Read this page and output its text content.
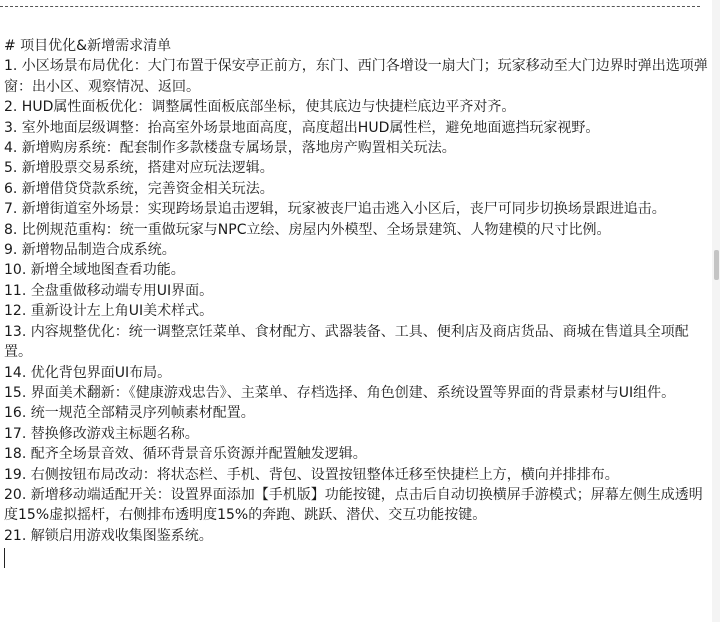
# 项目优化&新增需求清单

1. 小区场景布局优化：大门布置于保安亭正前方，东门、西门各增设一扇大门；玩家移动至大门边界时弹出选项弹窗：出小区、观察情况、返回。

2. HUD属性面板优化：调整属性面板底部坐标，使其底边与快捷栏底边平齐对齐。

3. 室外地面层级调整：抬高室外场景地面高度，高度超出HUD属性栏，避免地面遮挡玩家视野。

4. 新增购房系统：配套制作多款楼盘专属场景，落地房产购置相关玩法。

5. 新增股票交易系统，搭建对应玩法逻辑。

6. 新增借贷贷款系统，完善资金相关玩法。

7. 新增街道室外场景：实现跨场景追击逻辑，玩家被丧尸追击逃入小区后，丧尸可同步切换场景跟进追击。

8. 比例规范重构：统一重做玩家与NPC立绘、房屋内外模型、全场景建筑、人物建模的尺寸比例。

9. 新增物品制造合成系统。

10. 新增全域地图查看功能。

11. 全盘重做移动端专用UI界面。

12. 重新设计左上角UI美术样式。

13. 内容规整优化：统一调整烹饪菜单、食材配方、武器装备、工具、便利店及商店货品、商城在售道具全项配置。

14. 优化背包界面UI布局。

15. 界面美术翻新：《健康游戏忠告》、主菜单、存档选择、角色创建、系统设置等界面的背景素材与UI组件。

16. 统一规范全部精灵序列帧素材配置。

17. 替换修改游戏主标题名称。

18. 配齐全场景音效、循环背景音乐资源并配置触发逻辑。

19. 右侧按钮布局改动：将状态栏、手机、背包、设置按钮整体迁移至快捷栏上方，横向并排排布。

20. 新增移动端适配开关：设置界面添加【手机版】功能按键，点击后自动切换横屏手游模式；屏幕左侧生成透明度15%虚拟摇杆，右侧排布透明度15%的奔跑、跳跃、潜伏、交互功能按键。

21. 解锁启用游戏收集图鉴系统。
